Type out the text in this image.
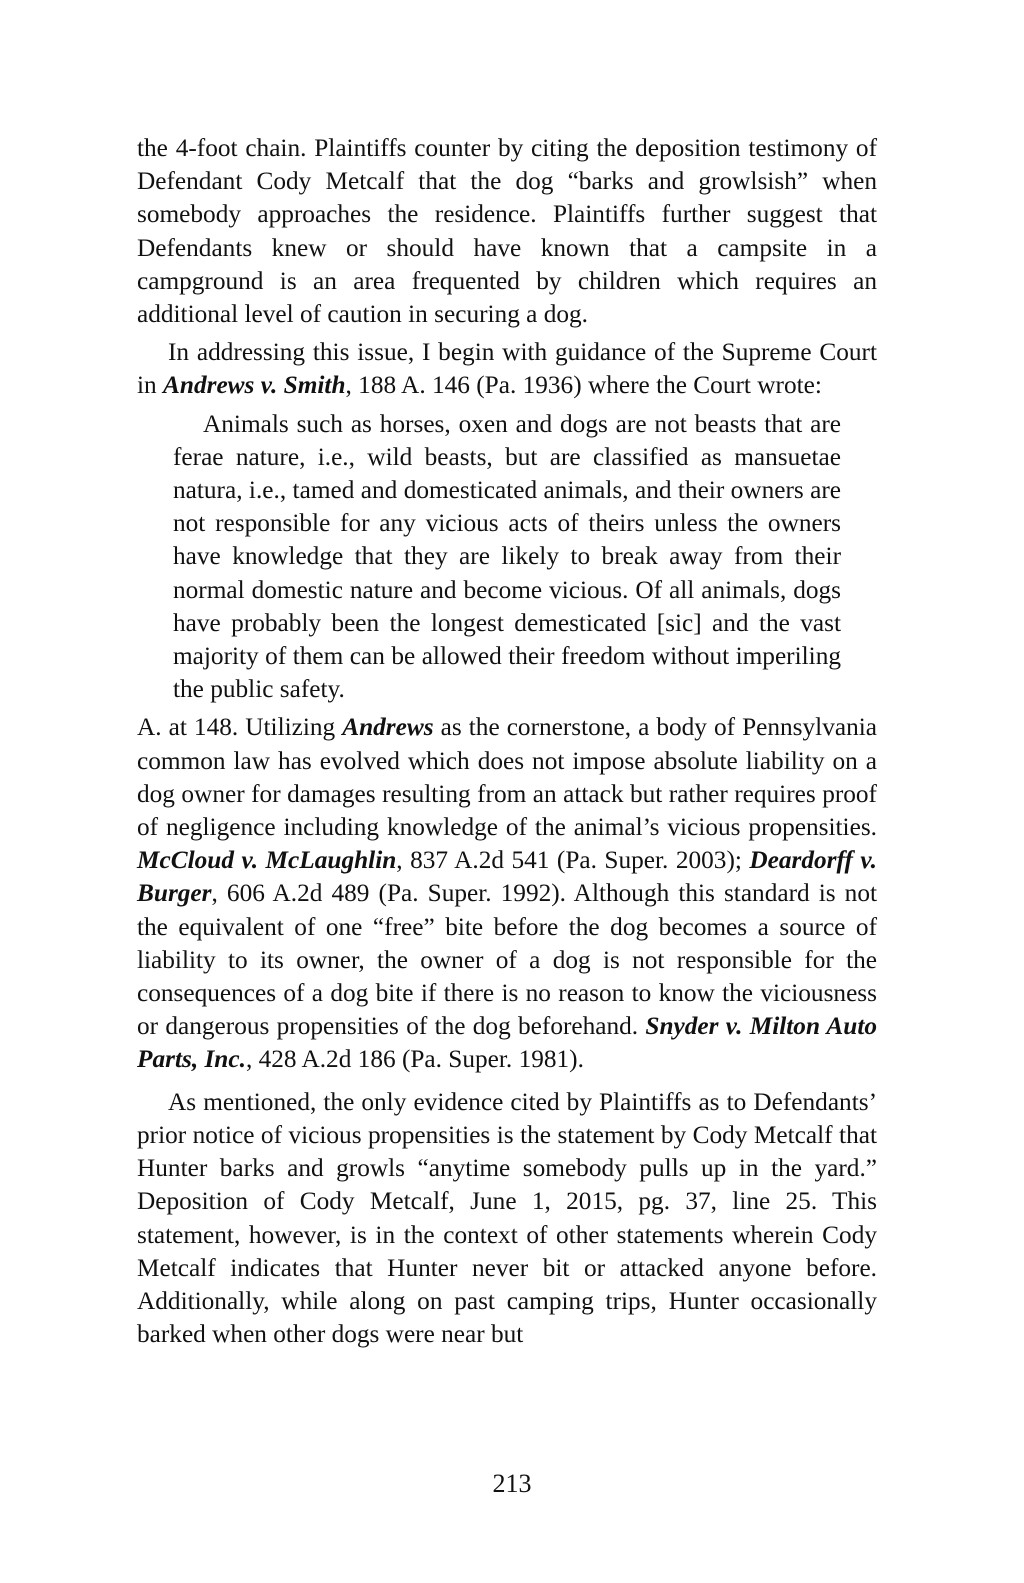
the 4-foot chain. Plaintiffs counter by citing the deposition testimony of Defendant Cody Metcalf that the dog “barks and growlsish” when somebody approaches the residence. Plaintiffs further suggest that Defendants knew or should have known that a campsite in a campground is an area frequented by children which requires an additional level of caution in securing a dog.

In addressing this issue, I begin with guidance of the Supreme Court in Andrews v. Smith, 188 A. 146 (Pa. 1936) where the Court wrote:

Animals such as horses, oxen and dogs are not beasts that are ferae nature, i.e., wild beasts, but are classified as mansuetae natura, i.e., tamed and domesticated animals, and their owners are not responsible for any vicious acts of theirs unless the owners have knowledge that they are likely to break away from their normal domestic nature and become vicious. Of all animals, dogs have probably been the longest demesticated [sic] and the vast majority of them can be allowed their freedom without imperiling the public safety.

A. at 148. Utilizing Andrews as the cornerstone, a body of Pennsylvania common law has evolved which does not impose absolute liability on a dog owner for damages resulting from an attack but rather requires proof of negligence including knowledge of the animal’s vicious propensities. McCloud v. McLaughlin, 837 A.2d 541 (Pa. Super. 2003); Deardorff v. Burger, 606 A.2d 489 (Pa. Super. 1992). Although this standard is not the equivalent of one “free” bite before the dog becomes a source of liability to its owner, the owner of a dog is not responsible for the consequences of a dog bite if there is no reason to know the viciousness or dangerous propensities of the dog beforehand. Snyder v. Milton Auto Parts, Inc., 428 A.2d 186 (Pa. Super. 1981).

As mentioned, the only evidence cited by Plaintiffs as to Defendants’ prior notice of vicious propensities is the statement by Cody Metcalf that Hunter barks and growls “anytime somebody pulls up in the yard.” Deposition of Cody Metcalf, June 1, 2015, pg. 37, line 25. This statement, however, is in the context of other statements wherein Cody Metcalf indicates that Hunter never bit or attacked anyone before. Additionally, while along on past camping trips, Hunter occasionally barked when other dogs were near but

213
